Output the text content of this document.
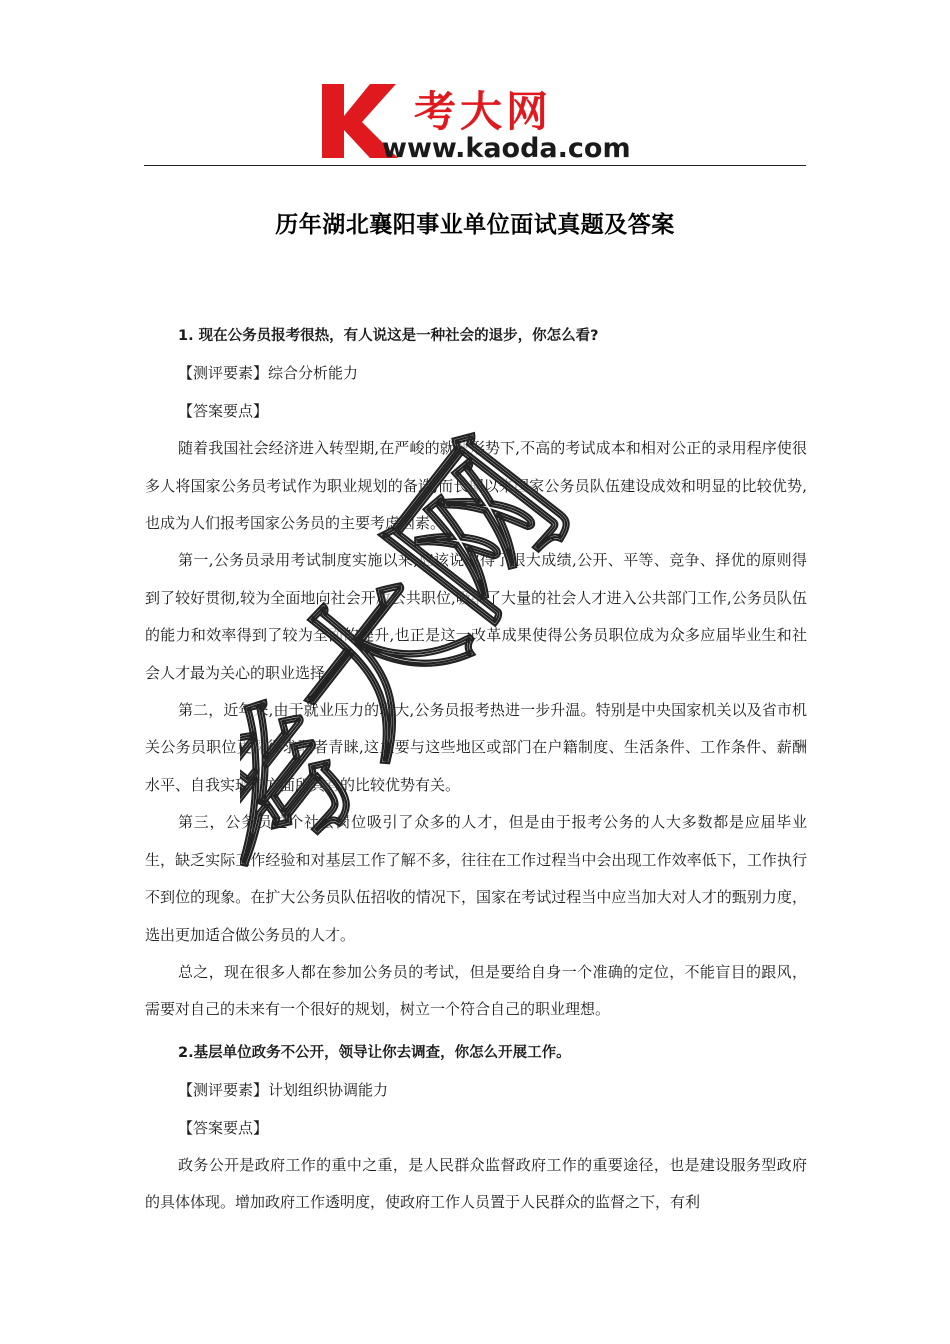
考大网
www.kaoda.com
历年湖北襄阳事业单位面试真题及答案

1. 现在公务员报考很热，有人说这是一种社会的退步，你怎么看?

【测评要素】综合分析能力

【答案要点】

随着我国社会经济进入转型期,在严峻的就业形势下,不高的考试成本和相对公正的录用程序使很多人将国家公务员考试作为职业规划的备选,而长期以来国家公务员队伍建设成效和明显的比较优势,也成为人们报考国家公务员的主要考虑因素。

第一,公务员录用考试制度实施以来,应该说取得了很大成绩,公开、平等、竞争、择优的原则得到了较好贯彻,较为全面地向社会开放公共职位,吸纳了大量的社会人才进入公共部门工作,公务员队伍的能力和效率得到了较为全面的提升,也正是这一改革成果使得公务员职位成为众多应届毕业生和社会人才最为关心的职业选择。

第二，近年来,由于就业压力的增大,公务员报考热进一步升温。特别是中央国家机关以及省市机关公务员职位更深得求职者青睐,这主要与这些地区或部门在户籍制度、生活条件、工作条件、薪酬水平、自我实现等方面所具有的比较优势有关。

第三，公务员这个社会岗位吸引了众多的人才，但是由于报考公务的人大多数都是应届毕业生，缺乏实际工作经验和对基层工作了解不多，往往在工作过程当中会出现工作效率低下，工作执行不到位的现象。在扩大公务员队伍招收的情况下，国家在考试过程当中应当加大对人才的甄别力度，选出更加适合做公务员的人才。

总之，现在很多人都在参加公务员的考试，但是要给自身一个准确的定位，不能盲目的跟风，需要对自己的未来有一个很好的规划，树立一个符合自己的职业理想。

2.基层单位政务不公开，领导让你去调查，你怎么开展工作。

【测评要素】计划组织协调能力

【答案要点】

政务公开是政府工作的重中之重，是人民群众监督政府工作的重要途径，也是建设服务型政府的具体体现。增加政府工作透明度，使政府工作人员置于人民群众的监督之下，有利

考大网
